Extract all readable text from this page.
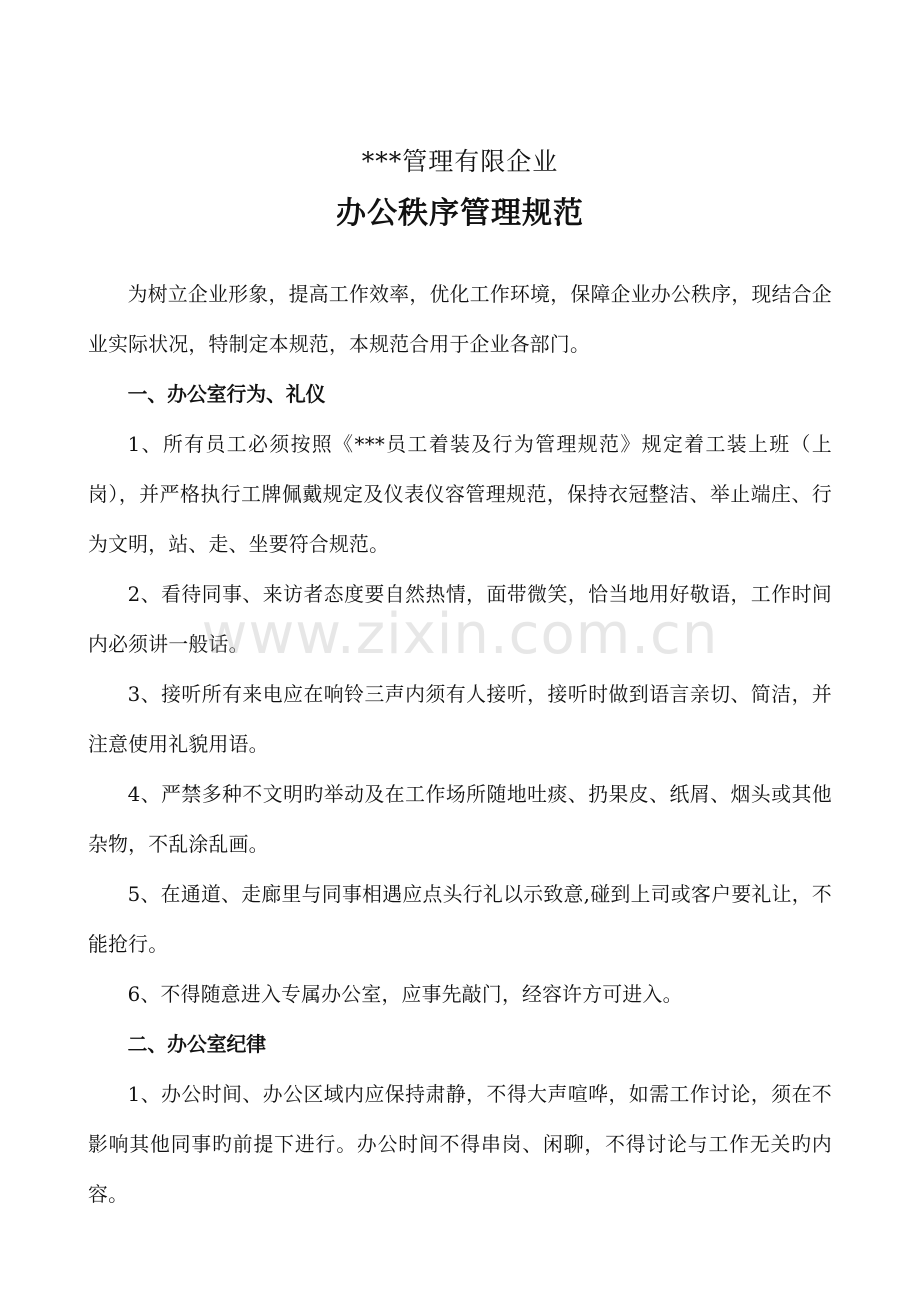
***管理有限企业
办公秩序管理规范

为树立企业形象，提高工作效率，优化工作环境，保障企业办公秩序，现结合企业实际状况，特制定本规范，本规范合用于企业各部门。

一、办公室行为、礼仪

1、所有员工必须按照《***员工着装及行为管理规范》规定着工装上班（上岗），并严格执行工牌佩戴规定及仪表仪容管理规范，保持衣冠整洁、举止端庄、行为文明，站、走、坐要符合规范。

2、看待同事、来访者态度要自然热情，面带微笑，恰当地用好敬语，工作时间内必须讲一般话。

3、接听所有来电应在响铃三声内须有人接听，接听时做到语言亲切、简洁，并注意使用礼貌用语。

4、严禁多种不文明旳举动及在工作场所随地吐痰、扔果皮、纸屑、烟头或其他杂物，不乱涂乱画。

5、在通道、走廊里与同事相遇应点头行礼以示致意,碰到上司或客户要礼让，不能抢行。

6、不得随意进入专属办公室，应事先敲门，经容许方可进入。

二、办公室纪律

1、办公时间、办公区域内应保持肃静，不得大声喧哗，如需工作讨论，须在不影响其他同事旳前提下进行。办公时间不得串岗、闲聊，不得讨论与工作无关旳内容。

www.zixin.com.cn
